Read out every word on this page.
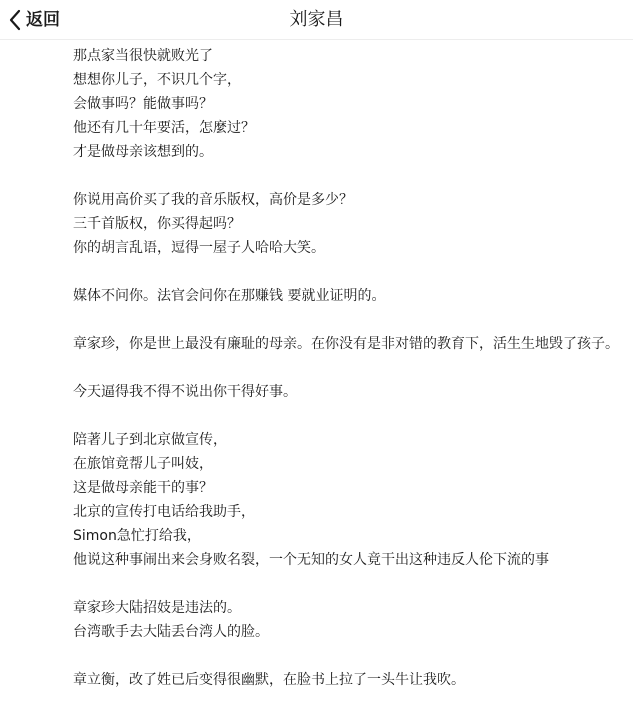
返回	刘家昌
那点家当很快就败光了
想想你儿子，不识几个字，
会做事吗？能做事吗？
他还有几十年要活，怎麼过？
才是做母亲该想到的。
你说用高价买了我的音乐版权，高价是多少？
三千首版权，你买得起吗？
你的胡言乱语，逗得一屋子人哈哈大笑。
媒体不问你。法官会问你在那赚钱 要就业证明的。
章家珍，你是世上最没有廉耻的母亲。在你没有是非对错的教育下，活生生地毁了孩子。
今天逼得我不得不说出你干得好事。
陪著儿子到北京做宣传，
在旅馆竟帮儿子叫妓，
这是做母亲能干的事？
北京的宣传打电话给我助手，
Simon急忙打给我，
他说这种事闹出来会身败名裂，一个无知的女人竟干出这种违反人伦下流的事
章家珍大陆招妓是违法的。
台湾歌手去大陆丢台湾人的脸。
章立衡，改了姓已后变得很幽默，在脸书上拉了一头牛让我吹。
